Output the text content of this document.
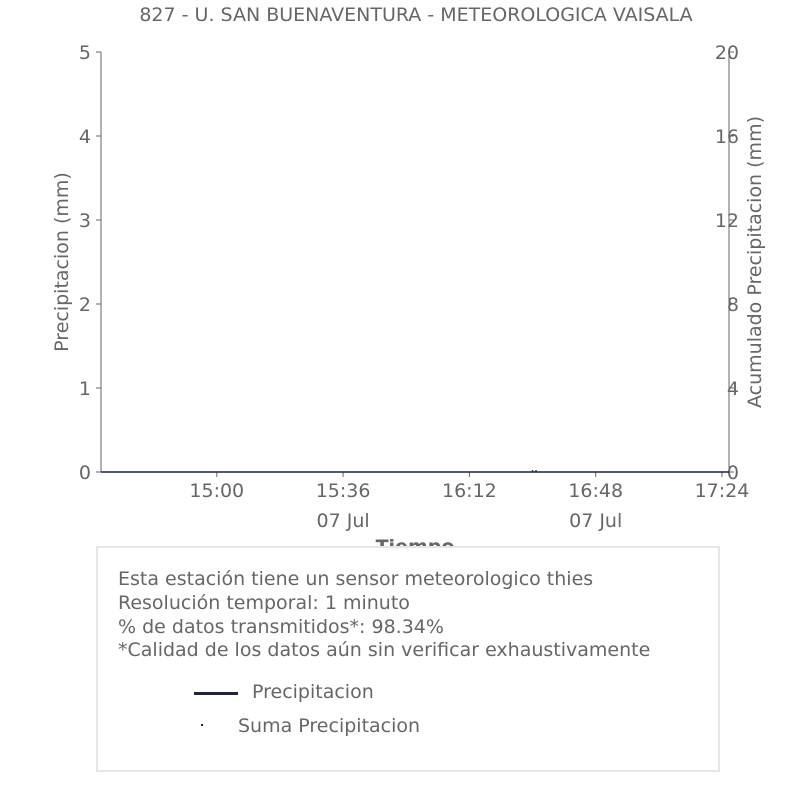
827 - U. SAN BUENAVENTURA - METEOROLOGICA VAISALA
0
1
2
3
4
5
0
4
8
12
16
20
15:00	15:36
07 Jul
16:12	16:48
07 Jul
17:24
Precipitacion (mm)	Acumulado Precipitacion (mm)
Esta estación tiene un sensor meteorologico thies
Resolución temporal: 1 minuto
% de datos transmitidos*: 98.34%
*Calidad de los datos aún sin verificar exhaustivamente
Precipitacion
Suma Precipitacion
